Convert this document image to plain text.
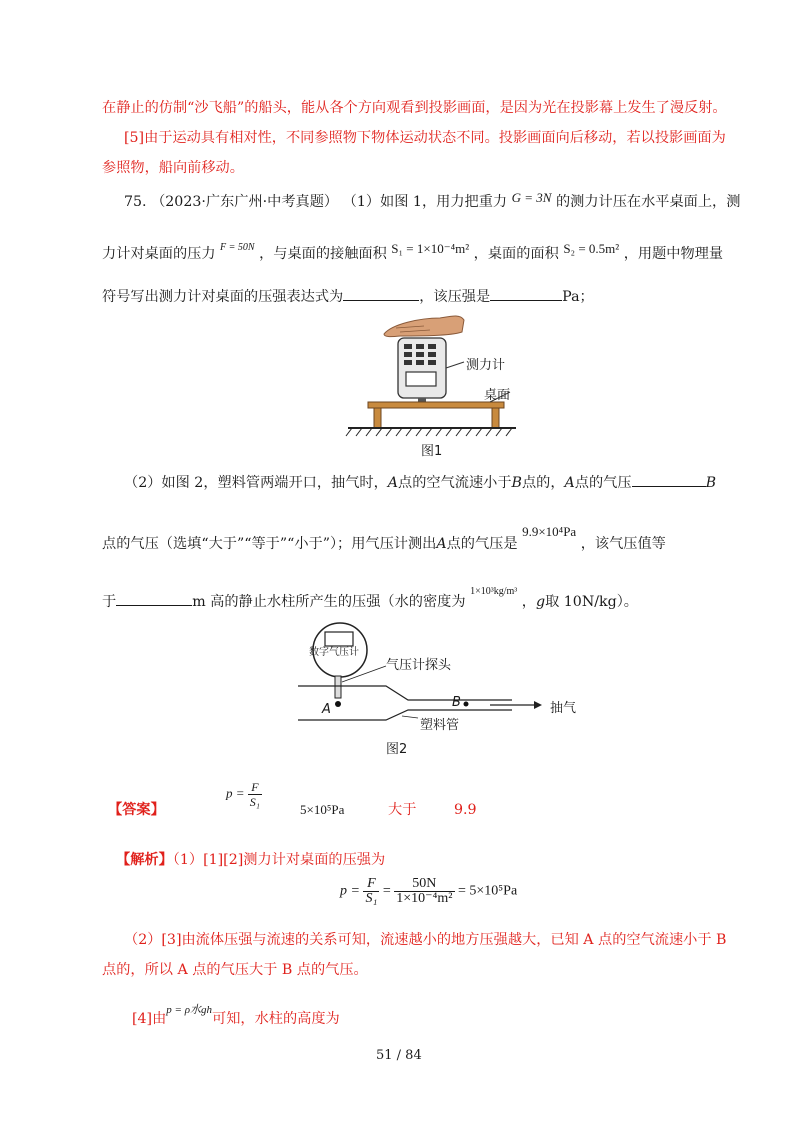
在静止的仿制“沙飞船”的船头，能从各个方向观看到投影画面，是因为光在投影幕上发生了漫反射。
[5]由于运动具有相对性，不同参照物下物体运动状态不同。投影画面向后移动，若以投影画面为
参照物，船向前移动。
75. （2023·广东广州·中考真题） （1）如图 1，用力把重力 G = 3N 的测力计压在水平桌面上，测
力计对桌面的压力 $^{F = 50N}$ ，与桌面的接触面积 S₁ = 1×10⁻⁴m² ，桌面的面积 S₂ = 0.5m² ，用题中物理量
符号写出测力计对桌面的压强表达式为	，该压强是	Pa；
测力计
桌面
图1
（2）如图 2，塑料管两端开口，抽气时，A点的空气流速小于B点的，A点的气压	B
点的气压（选填“大于”“等于”“小于”）；用气压计测出A点的气压是 9.9×10⁴Pa ，该气压值等
于	m 高的静止水柱所产生的压强（水的密度为 $^{1\times 10^3kg/m^3}$ ，g取 10N/kg）。
数字气压计
气压计探头
抽气
塑料管
A	B
图2
【答案】
$p = \frac{F}{\text{S₁}}$
5×10⁵Pa	大于	9.9
【解析】（1）[1][2]测力计对桌面的压强为
$p = \frac{F}{\text{S₁}} = \frac{50N}{\text{1×10⁻⁴m²}} = 5\times 10^5Pa$
（2）[3]由流体压强与流速的关系可知，流速越小的地方压强越大，已知 A 点的空气流速小于 B
点的，所以 A 点的气压大于 B 点的气压。
[4]由$^{p = \rho 水gh}$可知，水柱的高度为
51 / 84
